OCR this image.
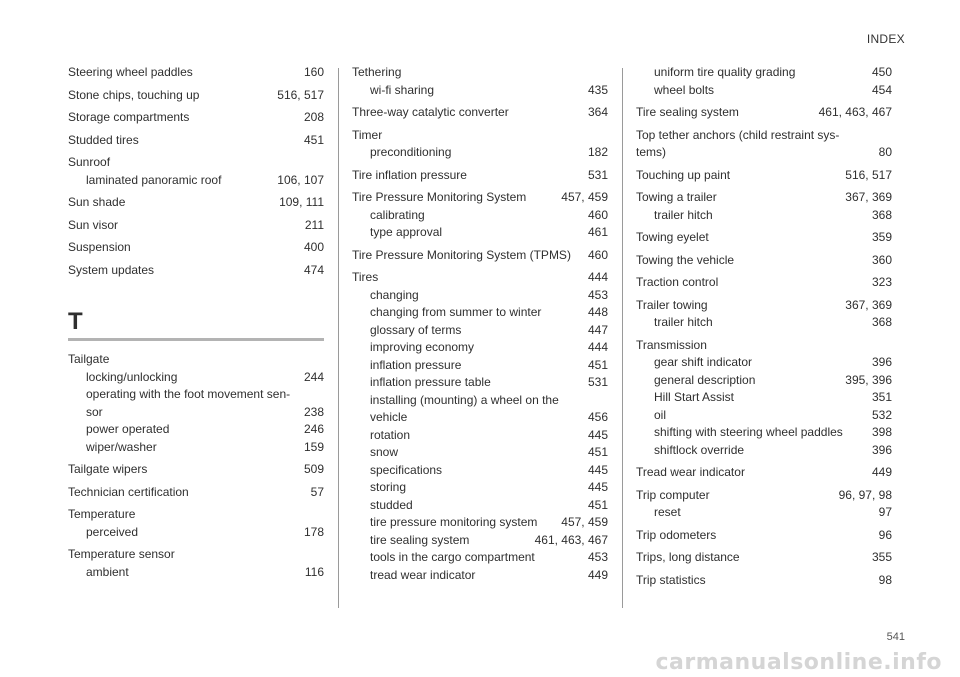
INDEX
Steering wheel paddles	160
Stone chips, touching up	516, 517
Storage compartments	208
Studded tires	451
Sunroof
laminated panoramic roof	106, 107
Sun shade	109, 111
Sun visor	211
Suspension	400
System updates	474
T
Tailgate
locking/unlocking	244
operating with the foot movement sen-
sor	238
power operated	246
wiper/washer	159
Tailgate wipers	509
Technician certification	57
Temperature
perceived	178
Temperature sensor
ambient	116
Tethering
wi-fi sharing	435
Three-way catalytic converter	364
Timer
preconditioning	182
Tire inflation pressure	531
Tire Pressure Monitoring System	457, 459
calibrating	460
type approval	461
Tire Pressure Monitoring System (TPMS) 460
Tires	444
changing	453
changing from summer to winter	448
glossary of terms	447
improving economy	444
inflation pressure	451
inflation pressure table	531
installing (mounting) a wheel on the
vehicle	456
rotation	445
snow	451
specifications	445
storing	445
studded	451
tire pressure monitoring system 457, 459
tire sealing system	461, 463, 467
tools in the cargo compartment	453
tread wear indicator	449
uniform tire quality grading	450
wheel bolts	454
Tire sealing system	461, 463, 467
Top tether anchors (child restraint sys-
tems)	80
Touching up paint	516, 517
Towing a trailer	367, 369
trailer hitch	368
Towing eyelet	359
Towing the vehicle	360
Traction control	323
Trailer towing	367, 369
trailer hitch	368
Transmission
gear shift indicator	396
general description	395, 396
Hill Start Assist	351
oil	532
shifting with steering wheel paddles 398
shiftlock override	396
Tread wear indicator	449
Trip computer	96, 97, 98
reset	97
Trip odometers	96
Trips, long distance	355
Trip statistics	98
541
carmanualsonline.info
